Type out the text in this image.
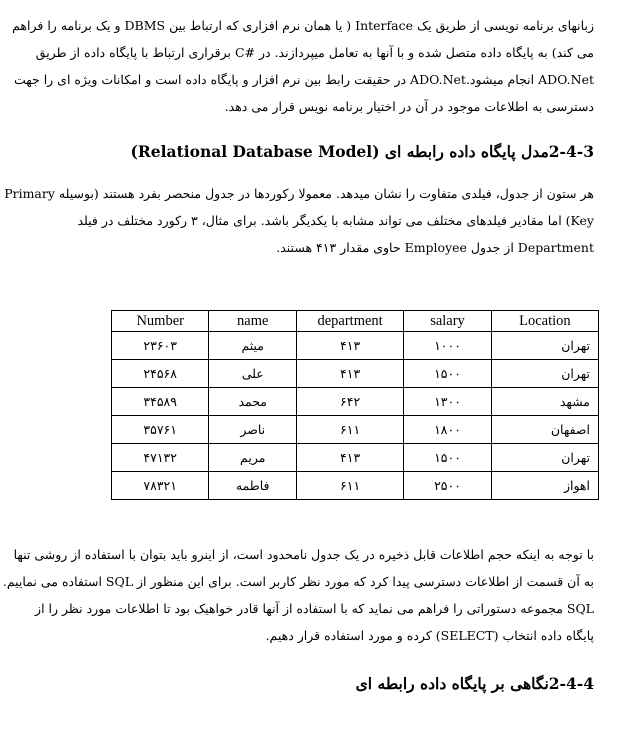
زبانهای برنامه نویسی از طریق یک Interface ( یا همان نرم افزاری که ارتباط بین DBMS و یک برنامه را فراهم
می کند) به پایگاه داده متصل شده و با آنها به تعامل میپردازند. در #C برقراری ارتباط با پایگاه داده از طریق
ADO.Net انجام میشود.ADO.Net در حقیقت رابط بین نرم افزار و پایگاه داده است و امکانات ویژه ای را جهت
دسترسی به اطلاعات موجود در آن در اختیار برنامه نویس قرار می دهد.
2-4-3مدل پایگاه داده رابطه ای (Relational Database Model)
هر ستون از جدول، فیلدی متفاوت را نشان میدهد. معمولا رکوردها در جدول منحصر بفرد هستند (بوسیله Primary
Key) اما مقادیر فیلدهای مختلف می تواند مشابه با یکدیگر باشد. برای مثال، ۳ رکورد مختلف در فیلد
Department از جدول Employee حاوی مقدار ۴۱۳ هستند.
Number	name	department	salary	Location
۲۳۶۰۳	میثم	۴۱۳	۱۰۰۰	تهران
۲۴۵۶۸	علی	۴۱۳	۱۵۰۰	تهران
۳۴۵۸۹	محمد	۶۴۲	۱۳۰۰	مشهد
۳۵۷۶۱	ناصر	۶۱۱	۱۸۰۰	اصفهان
۴۷۱۳۲	مریم	۴۱۳	۱۵۰۰	تهران
۷۸۳۲۱	فاطمه	۶۱۱	۲۵۰۰	اهواز
با توجه به اینکه حجم اطلاعات قابل ذخیره در یک جدول نامحدود است، از اینرو باید بتوان با استفاده از روشی تنها
به آن قسمت از اطلاعات دسترسی پیدا کرد که مورد نظر کاربر است. برای این منظور از SQL استفاده می نماییم.
SQL مجموعه دستوراتی را فراهم می نماید که با استفاده از آنها قادر خواهیک بود تا اطلاعات مورد نظر را از
پایگاه داده انتخاب (SELECT) کرده و مورد استفاده قرار دهیم.
2-4-4نگاهی بر پایگاه داده رابطه ای
